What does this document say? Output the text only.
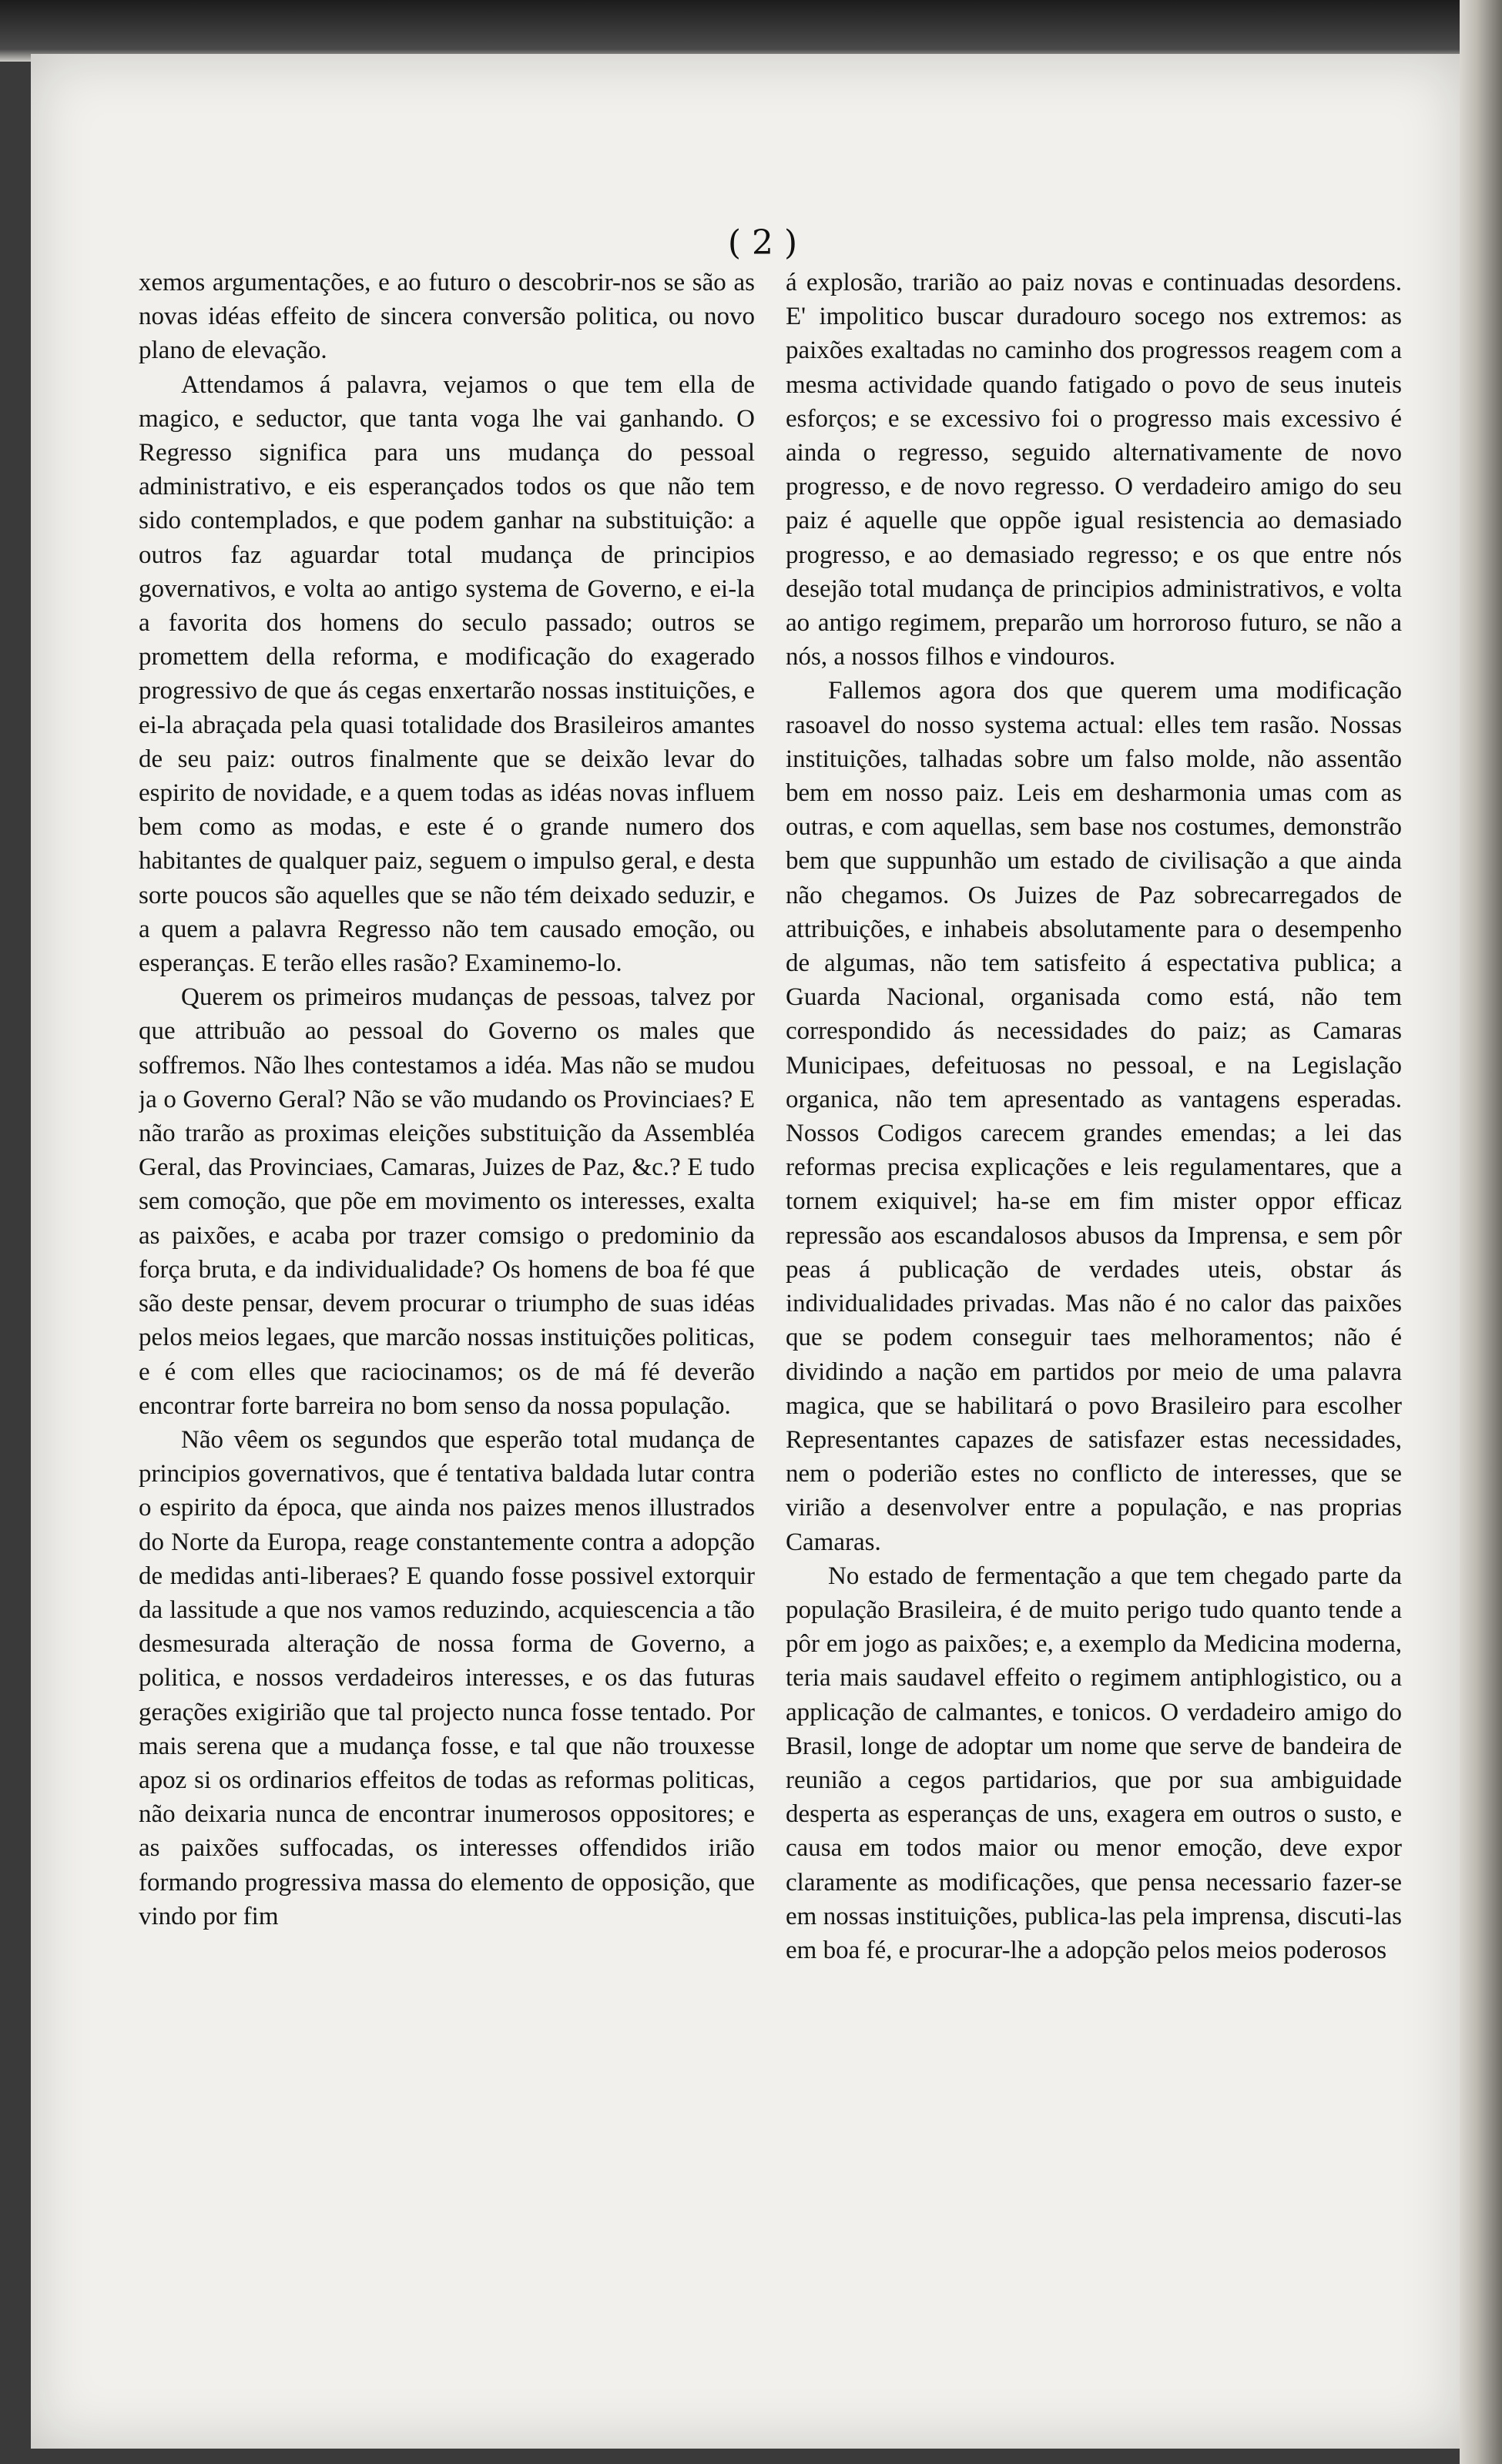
( 2 )

xemos argumentações, e ao futuro o descobrir-nos se são as novas idéas effeito de sincera conversão politica, ou novo plano de elevação.

Attendamos á palavra, vejamos o que tem ella de magico, e seductor, que tanta voga lhe vai ganhando. O Regresso significa para uns mudança do pessoal administrativo, e eis esperançados todos os que não tem sido contemplados, e que podem ganhar na substituição: a outros faz aguardar total mudança de principios governativos, e volta ao antigo systema de Governo, e ei-la a favorita dos homens do seculo passado; outros se promettem della reforma, e modificação do exagerado progressivo de que ás cegas enxertarão nossas instituições, e ei-la abraçada pela quasi totalidade dos Brasileiros amantes de seu paiz: outros finalmente que se deixão levar do espirito de novidade, e a quem todas as idéas novas influem bem como as modas, e este é o grande numero dos habitantes de qualquer paiz, seguem o impulso geral, e desta sorte poucos são aquelles que se não tém deixado seduzir, e a quem a palavra Regresso não tem causado emoção, ou esperanças. E terão elles rasão? Examinemo-lo.

Querem os primeiros mudanças de pessoas, talvez por que attribuão ao pessoal do Governo os males que soffremos. Não lhes contestamos a idéa. Mas não se mudou ja o Governo Geral? Não se vão mudando os Provinciaes? E não trarão as proximas eleições substituição da Assembléa Geral, das Provinciaes, Camaras, Juizes de Paz, &c.? E tudo sem comoção, que põe em movimento os interesses, exalta as paixões, e acaba por trazer comsigo o predominio da força bruta, e da individualidade? Os homens de boa fé que são deste pensar, devem procurar o triumpho de suas idéas pelos meios legaes, que marcão nossas instituições politicas, e é com elles que raciocinamos; os de má fé deverão encontrar forte barreira no bom senso da nossa população.

Não vêem os segundos que esperão total mudança de principios governativos, que é tentativa baldada lutar contra o espirito da época, que ainda nos paizes menos illustrados do Norte da Europa, reage constantemente contra a adopção de medidas anti-liberaes? E quando fosse possivel extorquir da lassitude a que nos vamos reduzindo, acquiescencia a tão desmesurada alteração de nossa forma de Governo, a politica, e nossos verdadeiros interesses, e os das futuras gerações exigirião que tal projecto nunca fosse tentado. Por mais serena que a mudança fosse, e tal que não trouxesse apoz si os ordinarios effeitos de todas as reformas politicas, não deixaria nunca de encontrar inumerosos oppositores; e as paixões suffocadas, os interesses offendidos irião formando progressiva massa do elemento de opposição, que vindo por fim

á explosão, trarião ao paiz novas e continuadas desordens. E' impolitico buscar duradouro socego nos extremos: as paixões exaltadas no caminho dos progressos reagem com a mesma actividade quando fatigado o povo de seus inuteis esforços; e se excessivo foi o progresso mais excessivo é ainda o regresso, seguido alternativamente de novo progresso, e de novo regresso. O verdadeiro amigo do seu paiz é aquelle que oppõe igual resistencia ao demasiado progresso, e ao demasiado regresso; e os que entre nós desejão total mudança de principios administrativos, e volta ao antigo regimem, preparão um horroroso futuro, se não a nós, a nossos filhos e vindouros.

Fallemos agora dos que querem uma modificação rasoavel do nosso systema actual: elles tem rasão. Nossas instituições, talhadas sobre um falso molde, não assentão bem em nosso paiz. Leis em desharmonia umas com as outras, e com aquellas, sem base nos costumes, demonstrão bem que suppunhão um estado de civilisação a que ainda não chegamos. Os Juizes de Paz sobrecarregados de attribuições, e inhabeis absolutamente para o desempenho de algumas, não tem satisfeito á espectativa publica; a Guarda Nacional, organisada como está, não tem correspondido ás necessidades do paiz; as Camaras Municipaes, defeituosas no pessoal, e na Legislação organica, não tem apresentado as vantagens esperadas. Nossos Codigos carecem grandes emendas; a lei das reformas precisa explicações e leis regulamentares, que a tornem exiquivel; ha-se em fim mister oppor efficaz repressão aos escandalosos abusos da Imprensa, e sem pôr peas á publicação de verdades uteis, obstar ás individualidades privadas. Mas não é no calor das paixões que se podem conseguir taes melhoramentos; não é dividindo a nação em partidos por meio de uma palavra magica, que se habilitará o povo Brasileiro para escolher Representantes capazes de satisfazer estas necessidades, nem o poderião estes no conflicto de interesses, que se virião a desenvolver entre a população, e nas proprias Camaras.

No estado de fermentação a que tem chegado parte da população Brasileira, é de muito perigo tudo quanto tende a pôr em jogo as paixões; e, a exemplo da Medicina moderna, teria mais saudavel effeito o regimem antiphlogistico, ou a applicação de calmantes, e tonicos. O verdadeiro amigo do Brasil, longe de adoptar um nome que serve de bandeira de reunião a cegos partidarios, que por sua ambiguidade desperta as esperanças de uns, exagera em outros o susto, e causa em todos maior ou menor emoção, deve expor claramente as modificações, que pensa necessario fazer-se em nossas instituições, publica-las pela imprensa, discuti-las em boa fé, e procurar-lhe a adopção pelos meios poderosos
